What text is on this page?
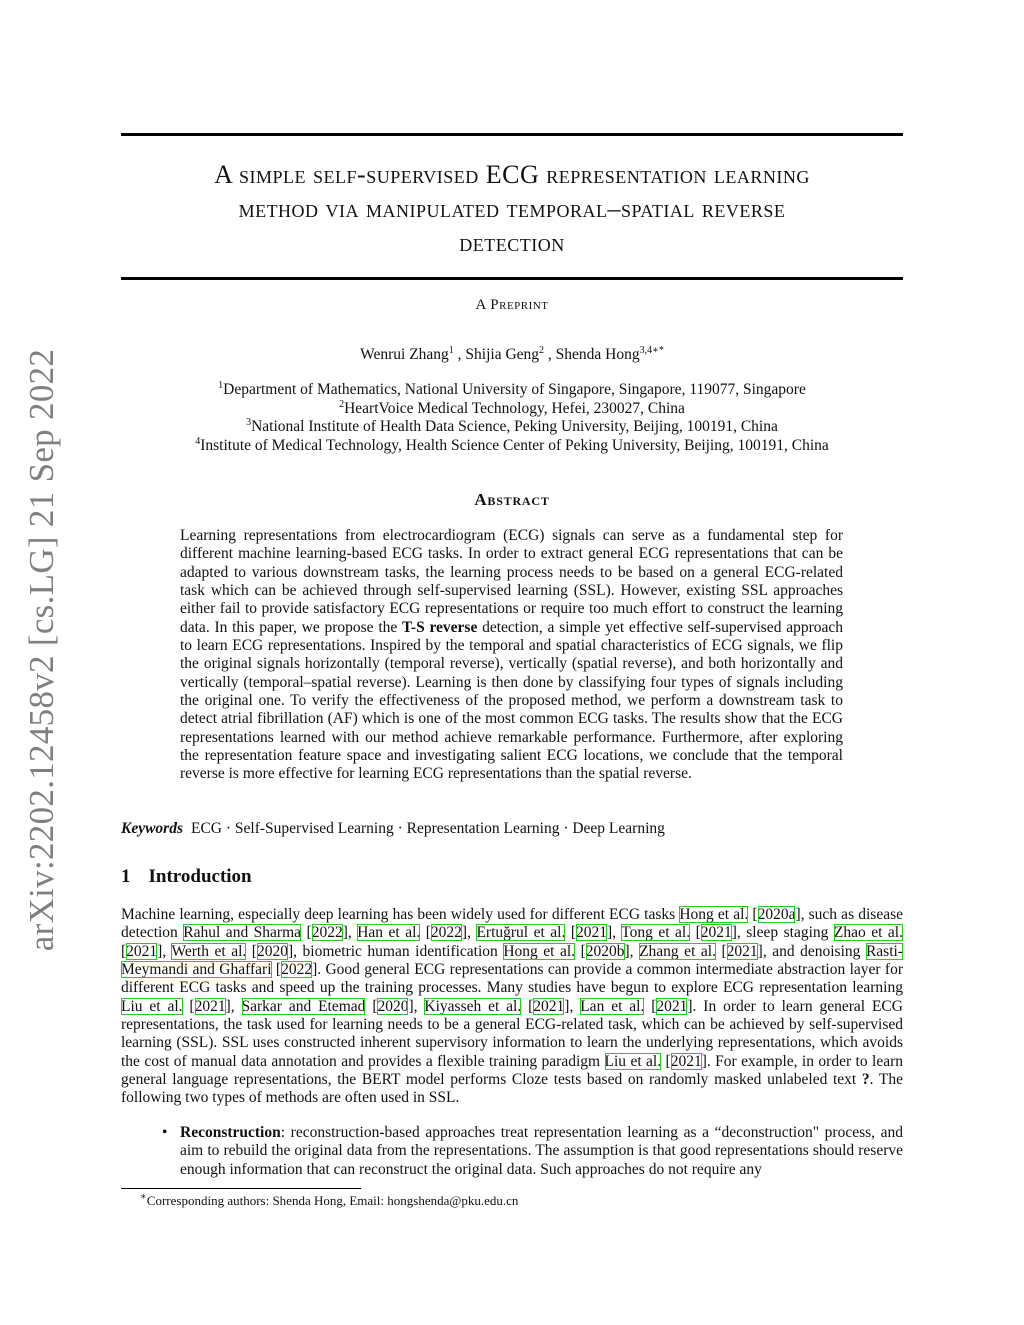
arXiv:2202.12458v2 [cs.LG] 21 Sep 2022
A simple self-supervised ECG representation learning
method via manipulated temporal–spatial reverse
detection
A Preprint
Wenrui Zhang$^1$ , Shijia Geng$^2$ , Shenda Hong$^{3,4∗*}$
$^1$Department of Mathematics, National University of Singapore, Singapore, 119077, Singapore
$^2$HeartVoice Medical Technology, Hefei, 230027, China
$^3$National Institute of Health Data Science, Peking University, Beijing, 100191, China
$^4$Institute of Medical Technology, Health Science Center of Peking University, Beijing, 100191, China
Abstract

Learning representations from electrocardiogram (ECG) signals can serve as a fundamental step for different machine learning-based ECG tasks. In order to extract general ECG representations that can be adapted to various downstream tasks, the learning process needs to be based on a general ECG-related task which can be achieved through self-supervised learning (SSL). However, existing SSL approaches either fail to provide satisfactory ECG representations or require too much effort to construct the learning data. In this paper, we propose the T-S reverse detection, a simple yet effective self-supervised approach to learn ECG representations. Inspired by the temporal and spatial characteristics of ECG signals, we flip the original signals horizontally (temporal reverse), vertically (spatial reverse), and both horizontally and vertically (temporal–spatial reverse). Learning is then done by classifying four types of signals including the original one. To verify the effectiveness of the proposed method, we perform a downstream task to detect atrial fibrillation (AF) which is one of the most common ECG tasks. The results show that the ECG representations learned with our method achieve remarkable performance. Furthermore, after exploring the representation feature space and investigating salient ECG locations, we conclude that the temporal reverse is more effective for learning ECG representations than the spatial reverse.

Keywords ECG · Self-Supervised Learning · Representation Learning · Deep Learning
1 Introduction

Machine learning, especially deep learning has been widely used for different ECG tasks Hong et al. [2020a], such as disease detection Rahul and Sharma [2022], Han et al. [2022], Ertuğrul et al. [2021], Tong et al. [2021], sleep staging Zhao et al. [2021], Werth et al. [2020], biometric human identification Hong et al. [2020b], Zhang et al. [2021], and denoising Rasti-Meymandi and Ghaffari [2022]. Good general ECG representations can provide a common intermediate abstraction layer for different ECG tasks and speed up the training processes. Many studies have begun to explore ECG representation learning Liu et al. [2021], Sarkar and Etemad [2020], Kiyasseh et al. [2021], Lan et al. [2021]. In order to learn general ECG representations, the task used for learning needs to be a general ECG-related task, which can be achieved by self-supervised learning (SSL). SSL uses constructed inherent supervisory information to learn the underlying representations, which avoids the cost of manual data annotation and provides a flexible training paradigm Liu et al. [2021]. For example, in order to learn general language representations, the BERT model performs Cloze tests based on randomly masked unlabeled text ?. The following two types of methods are often used in SSL.

• Reconstruction: reconstruction-based approaches treat representation learning as a “deconstruction" process, and aim to rebuild the original data from the representations. The assumption is that good representations should reserve enough information that can reconstruct the original data. Such approaches do not require any
∗Corresponding authors: Shenda Hong, Email: hongshenda@pku.edu.cn
